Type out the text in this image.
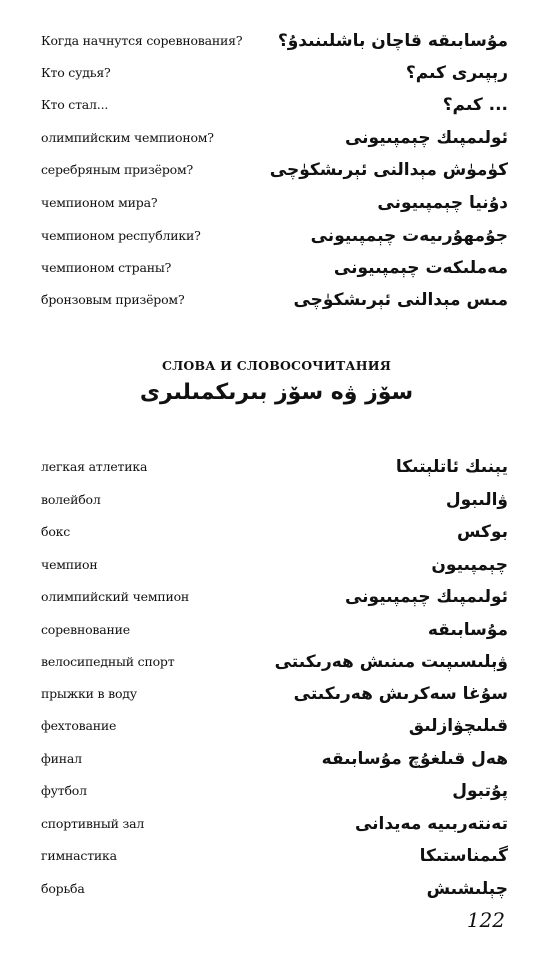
Когда начнутся соревнования? مۇسابىقە قاچان باشلىنىدۇ؟
Кто судья?	رېپىرى كىم؟
Кто стал...	... كىم؟
олимпийским чемпионом?	ئولىمپىك چېمپىيونى
серебряным призёром?	كۈمۈش مېدالنى ئېرىشكۈچى
чемпионом мира?	دۇنيا چېمپىيونى
чемпионом республики?	جۇمھۇرىيەت چېمپىيونى
чемпионом страны?	مەملىكەت چېمپىيونى
бронзовым призёром?	مىس مېدالنى ئېرىشكۈچى
СЛОВА И СЛОВОСОЧИТАНИЯ
سۆز ۋە سۆز بىرىكمىلىرى
легкая атлетика	يېنىك ئاتلېتىكا
волейбол	ۋالىبول
бокс	بوكس
чемпион	چېمپىيون
олимпийский чемпион	ئولىمپىك چېمپىيونى
соревнование	مۇسابىقە
велосипедный спорт	ۋېلىسىپىت مىنىش ھەرىكىتى
прыжки в воду	سۇغا سەكرىش ھەرىكىتى
фехтование	قىلىچۋازلىق
финал	ھەل قىلغۇچ مۇسابىقە
футбол	پۇتبول
спортивный зал	تەنتەربىيە مەيدانى
гимнастика	گىمناستىكا
борьба	چېلىشىش
122
